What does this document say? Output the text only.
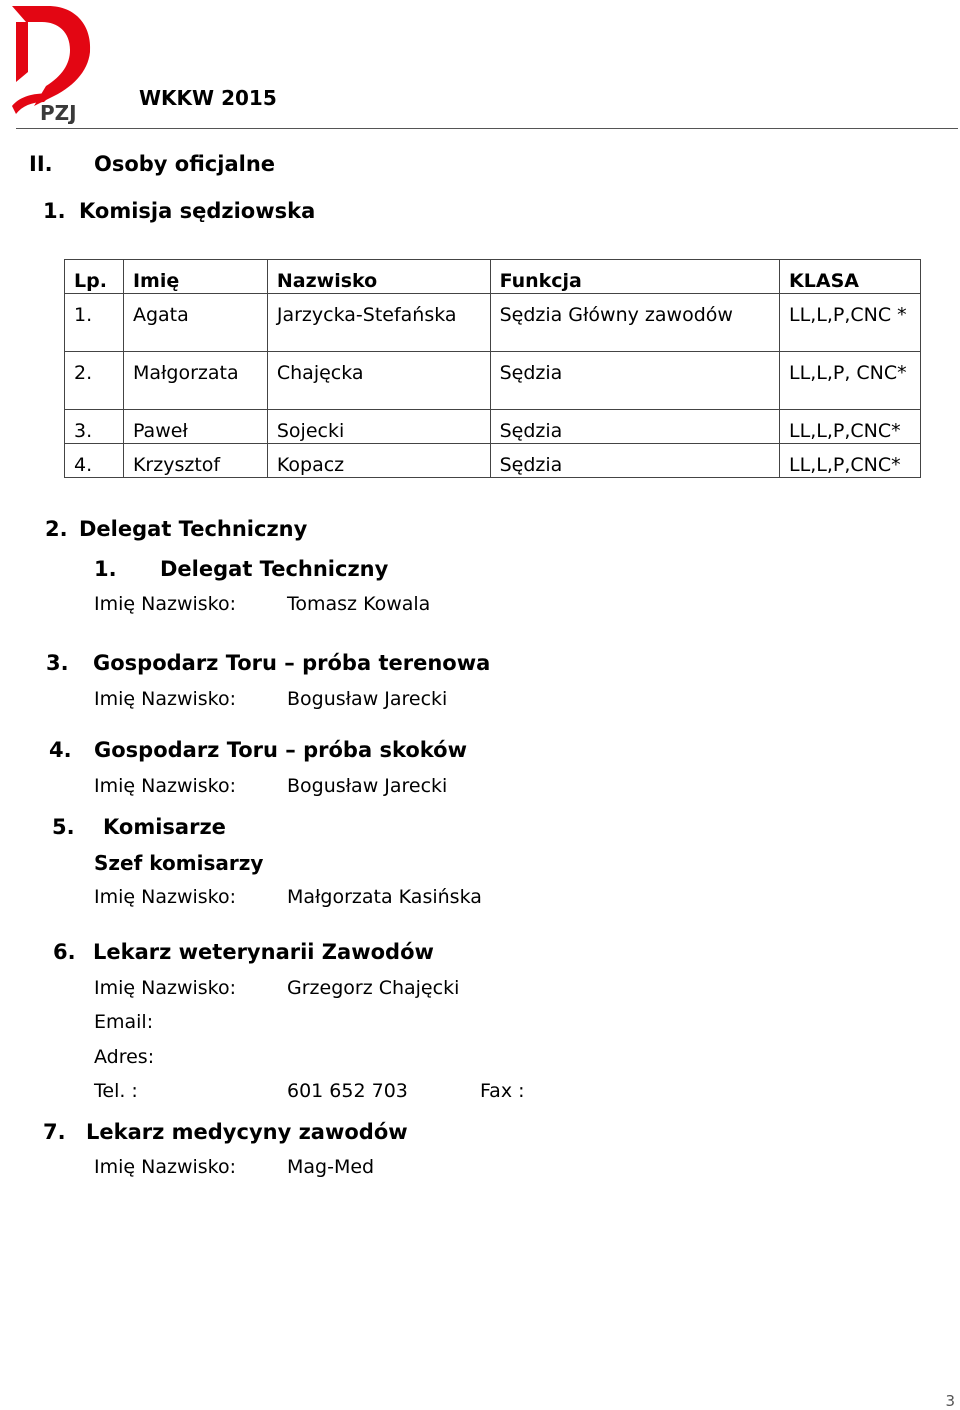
PZJ
WKKW 2015
II. Osoby oficjalne
1. Komisja sędziowska
Lp.	Imię	Nazwisko	Funkcja	KLASA
1.	Agata	Jarzycka-Stefańska	Sędzia Główny zawodów	LL,L,P,CNC *
2.	Małgorzata	Chajęcka	Sędzia	LL,L,P, CNC*
3.	Paweł	Sojecki	Sędzia	LL,L,P,CNC*
4.	Krzysztof	Kopacz	Sędzia	LL,L,P,CNC*
2. Delegat Techniczny
1. Delegat Techniczny
Imię Nazwisko:	Tomasz Kowala
3. Gospodarz Toru – próba terenowa
Imię Nazwisko:	Bogusław Jarecki
4. Gospodarz Toru – próba skoków
Imię Nazwisko:	Bogusław Jarecki
5. Komisarze
Szef komisarzy
Imię Nazwisko:	Małgorzata Kasińska
6. Lekarz weterynarii Zawodów
Imię Nazwisko:	Grzegorz Chajęcki
Email:
Adres:
Tel. :	601 652 703	Fax :
7. Lekarz medycyny zawodów
Imię Nazwisko:	Mag-Med
3
